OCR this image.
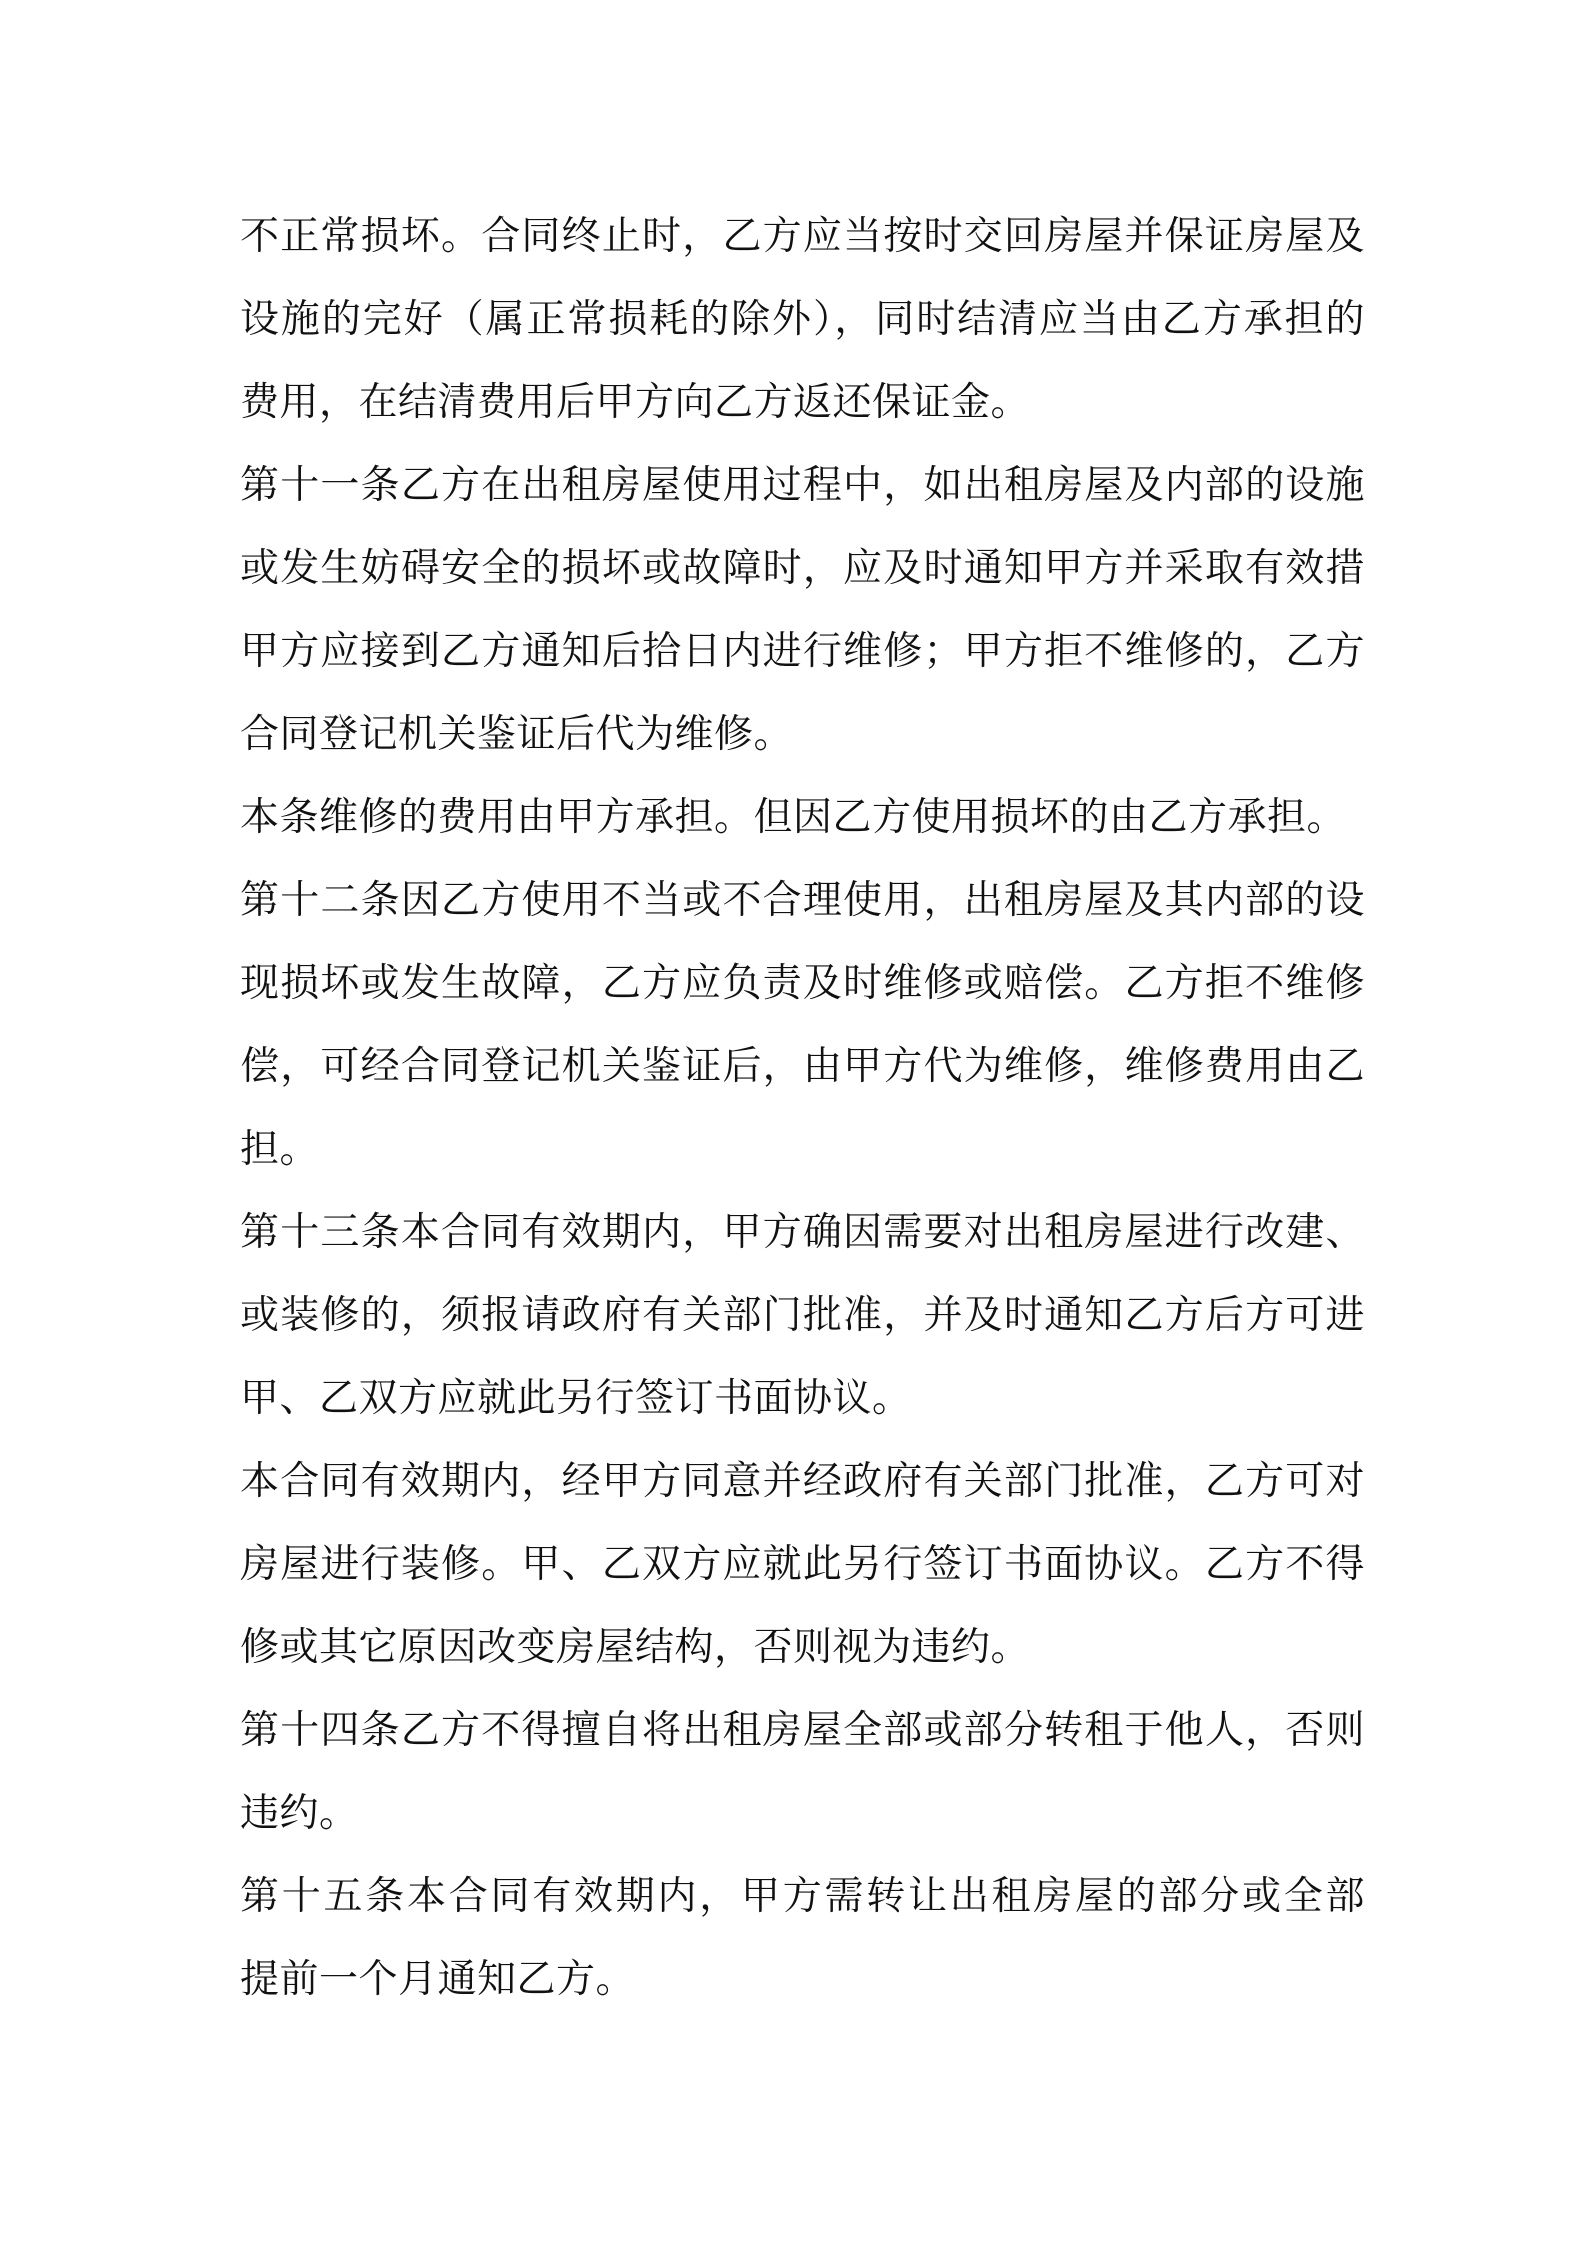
不正常损坏。合同终止时，乙方应当按时交回房屋并保证房屋及
设施的完好（属正常损耗的除外），同时结清应当由乙方承担的
费用，在结清费用后甲方向乙方返还保证金。
第十一条乙方在出租房屋使用过程中，如出租房屋及内部的设施
或发生妨碍安全的损坏或故障时，应及时通知甲方并采取有效措
甲方应接到乙方通知后拾日内进行维修；甲方拒不维修的，乙方
合同登记机关鉴证后代为维修。
本条维修的费用由甲方承担。但因乙方使用损坏的由乙方承担。
第十二条因乙方使用不当或不合理使用，出租房屋及其内部的设
现损坏或发生故障，乙方应负责及时维修或赔偿。乙方拒不维修
偿，可经合同登记机关鉴证后，由甲方代为维修，维修费用由乙
担。
第十三条本合同有效期内，甲方确因需要对出租房屋进行改建、
或装修的，须报请政府有关部门批准，并及时通知乙方后方可进
甲、乙双方应就此另行签订书面协议。
本合同有效期内，经甲方同意并经政府有关部门批准，乙方可对
房屋进行装修。甲、乙双方应就此另行签订书面协议。乙方不得
修或其它原因改变房屋结构，否则视为违约。
第十四条乙方不得擅自将出租房屋全部或部分转租于他人，否则
违约。
第十五条本合同有效期内，甲方需转让出租房屋的部分或全部
提前一个月通知乙方。
